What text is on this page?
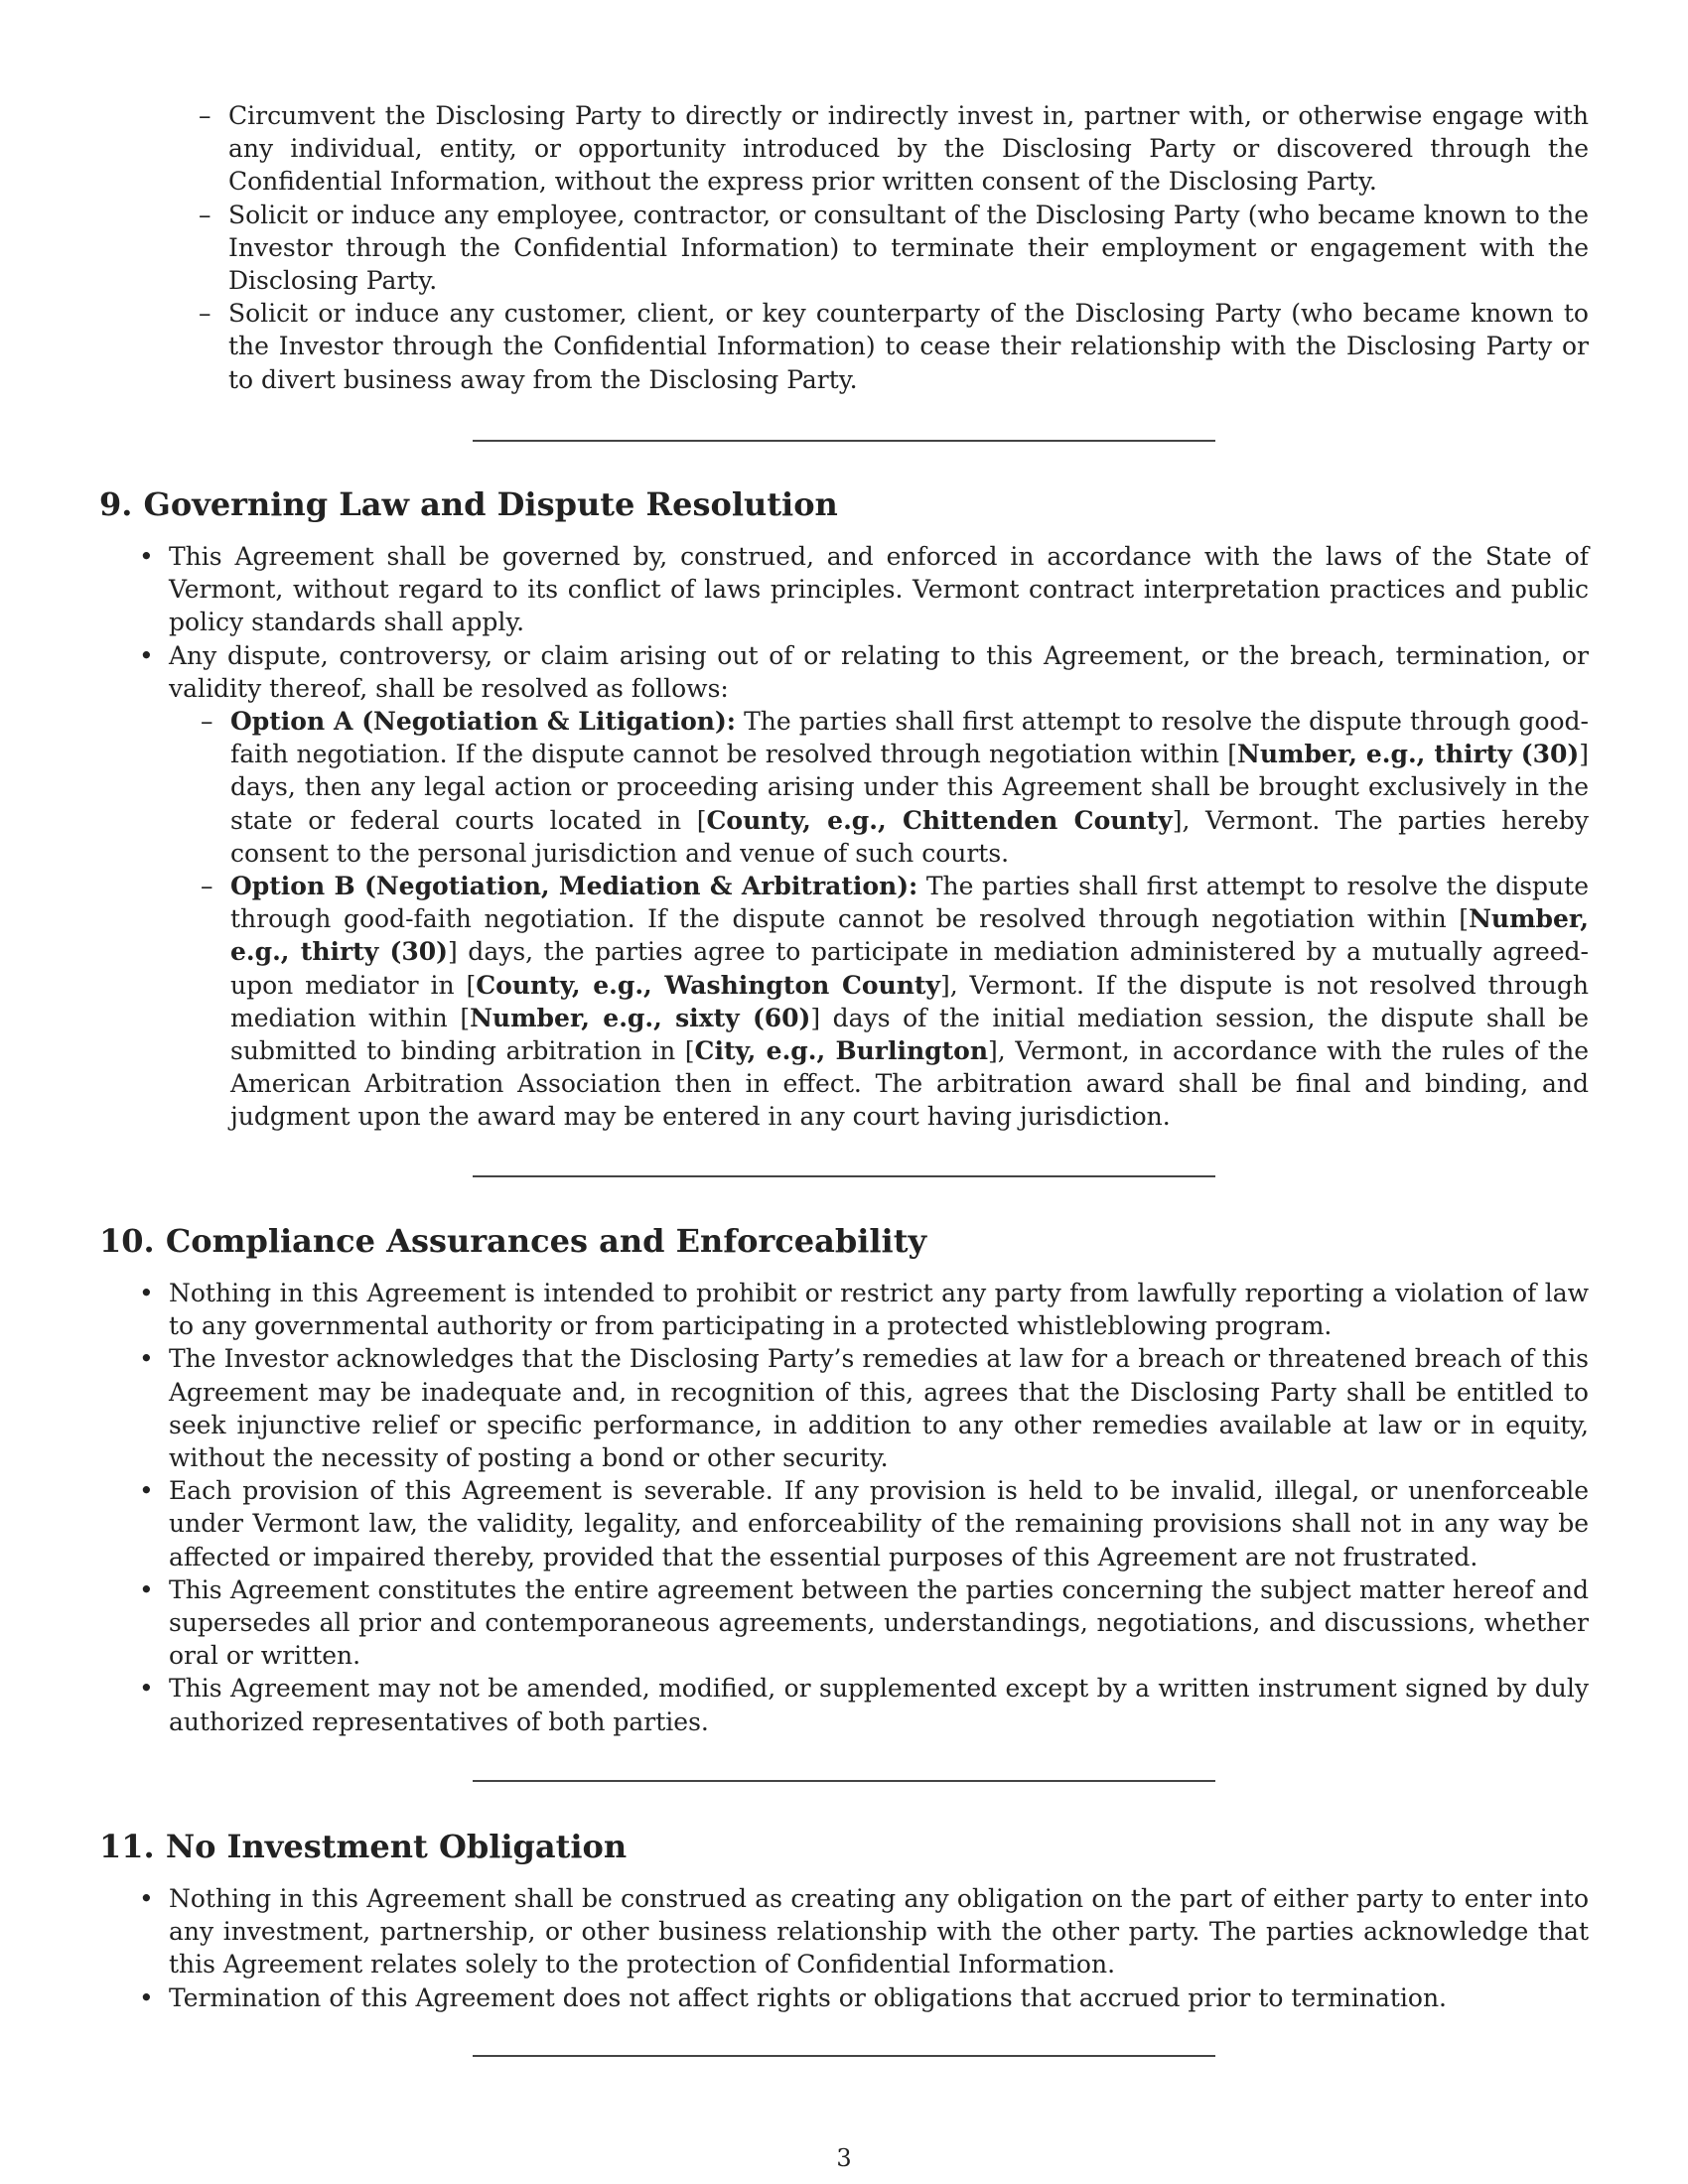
– Circumvent the Disclosing Party to directly or indirectly invest in, partner with, or otherwise engage with any individual, entity, or opportunity introduced by the Disclosing Party or discovered through the Confidential Information, without the express prior written consent of the Disclosing Party.
– Solicit or induce any employee, contractor, or consultant of the Disclosing Party (who became known to the Investor through the Confidential Information) to terminate their employment or engagement with the Disclosing Party.
– Solicit or induce any customer, client, or key counterparty of the Disclosing Party (who became known to the Investor through the Confidential Information) to cease their relationship with the Disclosing Party or to divert business away from the Disclosing Party.
9. Governing Law and Dispute Resolution
• This Agreement shall be governed by, construed, and enforced in accordance with the laws of the State of Vermont, without regard to its conflict of laws principles. Vermont contract interpretation practices and public policy standards shall apply.
• Any dispute, controversy, or claim arising out of or relating to this Agreement, or the breach, termination, or validity thereof, shall be resolved as follows:
– Option A (Negotiation & Litigation): The parties shall first attempt to resolve the dispute through good-faith negotiation. If the dispute cannot be resolved through negotiation within [Number, e.g., thirty (30)] days, then any legal action or proceeding arising under this Agreement shall be brought exclusively in the state or federal courts located in [County, e.g., Chittenden County], Vermont. The parties hereby consent to the personal jurisdiction and venue of such courts.
– Option B (Negotiation, Mediation & Arbitration): The parties shall first attempt to resolve the dispute through good-faith negotiation. If the dispute cannot be resolved through negotiation within [Number, e.g., thirty (30)] days, the parties agree to participate in mediation administered by a mutually agreed-upon mediator in [County, e.g., Washington County], Vermont. If the dispute is not resolved through mediation within [Number, e.g., sixty (60)] days of the initial mediation session, the dispute shall be submitted to binding arbitration in [City, e.g., Burlington], Vermont, in accordance with the rules of the American Arbitration Association then in effect. The arbitration award shall be final and binding, and judgment upon the award may be entered in any court having jurisdiction.
10. Compliance Assurances and Enforceability
• Nothing in this Agreement is intended to prohibit or restrict any party from lawfully reporting a violation of law to any governmental authority or from participating in a protected whistleblowing program.
• The Investor acknowledges that the Disclosing Party’s remedies at law for a breach or threatened breach of this Agreement may be inadequate and, in recognition of this, agrees that the Disclosing Party shall be entitled to seek injunctive relief or specific performance, in addition to any other remedies available at law or in equity, without the necessity of posting a bond or other security.
• Each provision of this Agreement is severable. If any provision is held to be invalid, illegal, or unenforceable under Vermont law, the validity, legality, and enforceability of the remaining provisions shall not in any way be affected or impaired thereby, provided that the essential purposes of this Agreement are not frustrated.
• This Agreement constitutes the entire agreement between the parties concerning the subject matter hereof and supersedes all prior and contemporaneous agreements, understandings, negotiations, and discussions, whether oral or written.
• This Agreement may not be amended, modified, or supplemented except by a written instrument signed by duly authorized representatives of both parties.
11. No Investment Obligation
• Nothing in this Agreement shall be construed as creating any obligation on the part of either party to enter into any investment, partnership, or other business relationship with the other party. The parties acknowledge that this Agreement relates solely to the protection of Confidential Information.
• Termination of this Agreement does not affect rights or obligations that accrued prior to termination.
3
